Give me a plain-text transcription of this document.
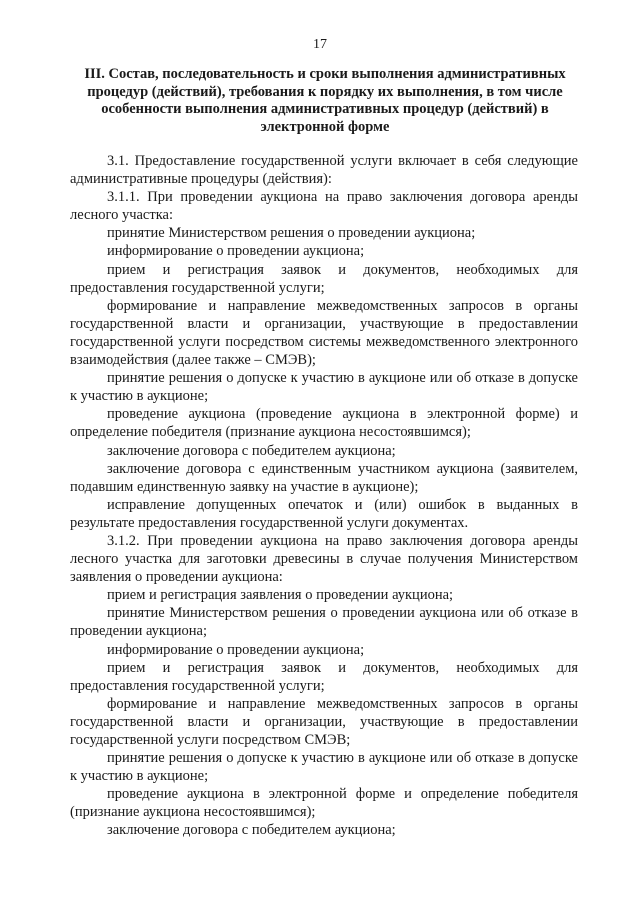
17
III. Состав, последовательность и сроки выполнения административных
процедур (действий), требования к порядку их выполнения, в том числе
особенности выполнения административных процедур (действий) в
электронной форме

3.1. Предоставление государственной услуги включает в себя следующие административные процедуры (действия):

3.1.1. При проведении аукциона на право заключения договора аренды лесного участка:

принятие Министерством решения о проведении аукциона;

информирование о проведении аукциона;

прием и регистрация заявок и документов, необходимых для предоставления государственной услуги;

формирование и направление межведомственных запросов в органы государственной власти и организации, участвующие в предоставлении государственной услуги посредством системы межведомственного электронного взаимодействия (далее также – СМЭВ);

принятие решения о допуске к участию в аукционе или об отказе в допуске к участию в аукционе;

проведение аукциона (проведение аукциона в электронной форме) и определение победителя (признание аукциона несостоявшимся);

заключение договора с победителем аукциона;

заключение договора с единственным участником аукциона (заявителем, подавшим единственную заявку на участие в аукционе);

исправление допущенных опечаток и (или) ошибок в выданных в результате предоставления государственной услуги документах.

3.1.2. При проведении аукциона на право заключения договора аренды лесного участка для заготовки древесины в случае получения Министерством заявления о проведении аукциона:

прием и регистрация заявления о проведении аукциона;

принятие Министерством решения о проведении аукциона или об отказе в проведении аукциона;

информирование о проведении аукциона;

прием и регистрация заявок и документов, необходимых для предоставления государственной услуги;

формирование и направление межведомственных запросов в органы государственной власти и организации, участвующие в предоставлении государственной услуги посредством СМЭВ;

принятие решения о допуске к участию в аукционе или об отказе в допуске к участию в аукционе;

проведение аукциона в электронной форме и определение победителя (признание аукциона несостоявшимся);

заключение договора с победителем аукциона;
